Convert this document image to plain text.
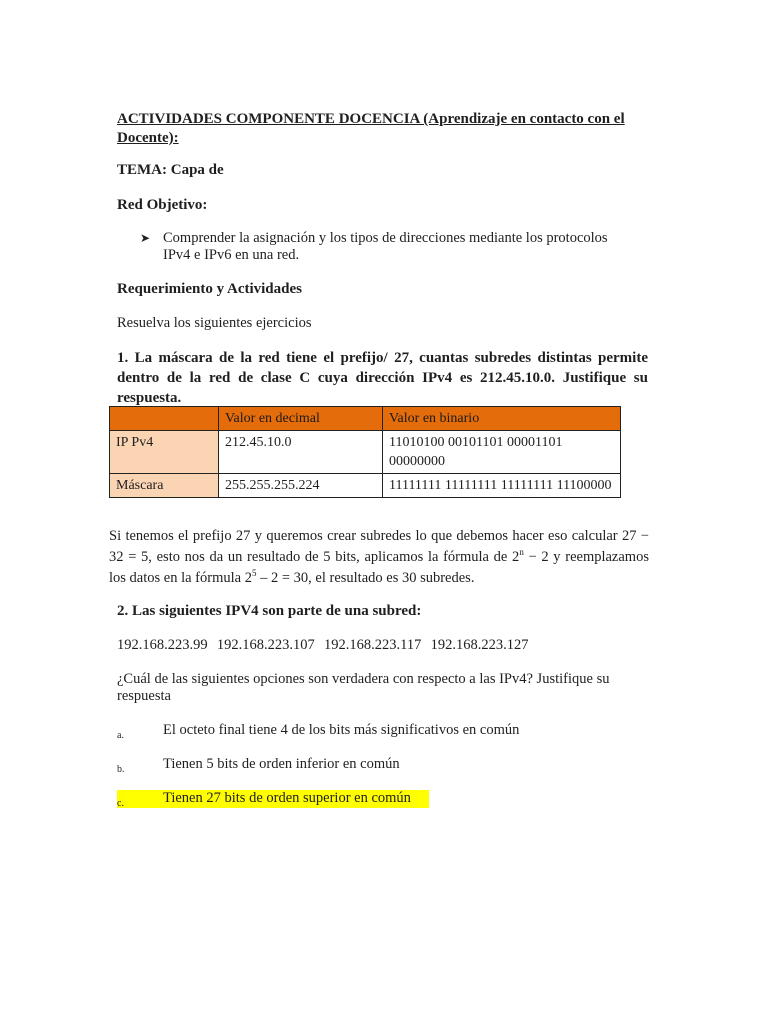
ACTIVIDADES COMPONENTE DOCENCIA (Aprendizaje en contacto con el
Docente):
TEMA: Capa de
Red Objetivo:
➤ Comprender la asignación y los tipos de direcciones mediante los protocolos
IPv4 e IPv6 en una red.
Requerimiento y Actividades
Resuelva los siguientes ejercicios
1. La máscara de la red tiene el prefijo/ 27, cuantas subredes distintas permite dentro de la red de clase C cuya dirección IPv4 es 212.45.10.0. Justifique su respuesta.
	Valor en decimal	Valor en binario
IP Pv4	212.45.10.0	11010100 00101101 00001101 00000000
Máscara	255.255.255.224	11111111 11111111 11111111 11100000
Si tenemos el prefijo 27 y queremos crear subredes lo que debemos hacer eso calcular 27 − 32 = 5, esto nos da un resultado de 5 bits, aplicamos la fórmula de $2^n - 2$ y reemplazamos los datos en la fórmula $2^5 - 2 = 30$, el resultado es 30 subredes.
2. Las siguientes IPV4 son parte de una subred:
192.168.223.99 192.168.223.107 192.168.223.117 192.168.223.127
¿Cuál de las siguientes opciones son verdadera con respecto a las IPv4? Justifique su
respuesta
a.	El octeto final tiene 4 de los bits más significativos en común
b.	Tienen 5 bits de orden inferior en común
c.	Tienen 27 bits de orden superior en común
